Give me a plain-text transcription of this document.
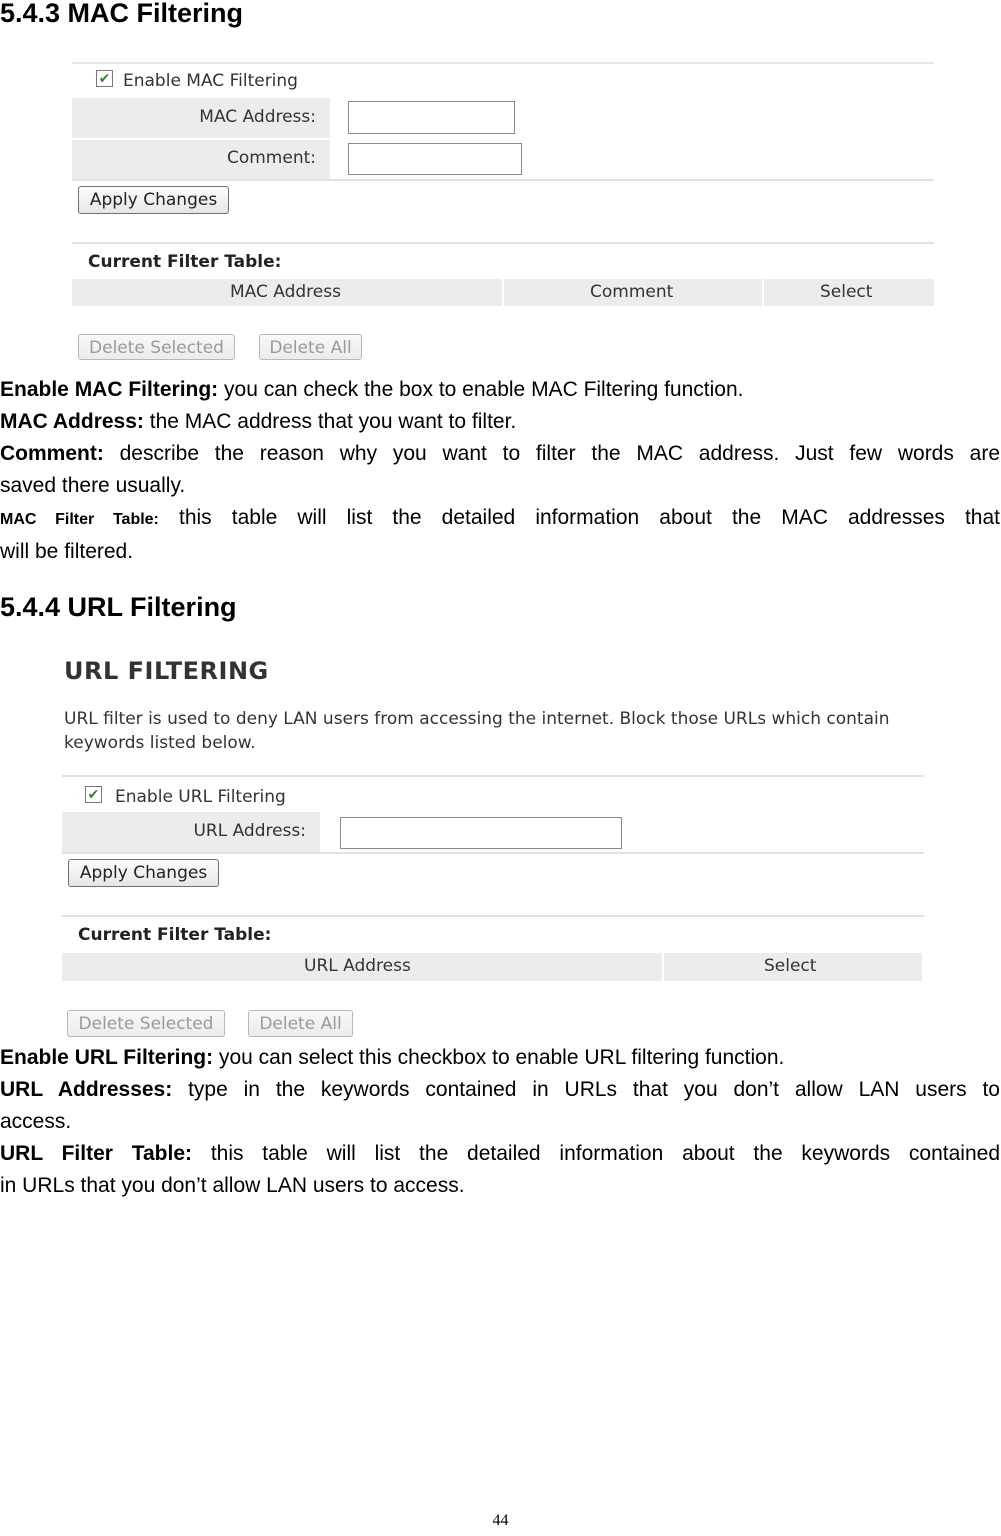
5.4.3 MAC Filtering
✔ Enable MAC Filtering
MAC Address:
Comment:
Apply Changes
Current Filter Table:
MAC Address	Comment	Select
Delete Selected	Delete All
Enable MAC Filtering: you can check the box to enable MAC Filtering function.
MAC Address: the MAC address that you want to filter.
Comment: describe the reason why you want to filter the MAC address. Just few words are
saved there usually.
MAC Filter Table: this table will list the detailed information about the MAC addresses that
will be filtered.
5.4.4 URL Filtering
URL FILTERING
URL filter is used to deny LAN users from accessing the internet. Block those URLs which contain
keywords listed below.
✔ Enable URL Filtering
URL Address:
Apply Changes
Current Filter Table:
URL Address	Select
Delete Selected	Delete All
Enable URL Filtering: you can select this checkbox to enable URL filtering function.
URL Addresses: type in the keywords contained in URLs that you don’t allow LAN users to
access.
URL Filter Table: this table will list the detailed information about the keywords contained
in URLs that you don’t allow LAN users to access.
44
